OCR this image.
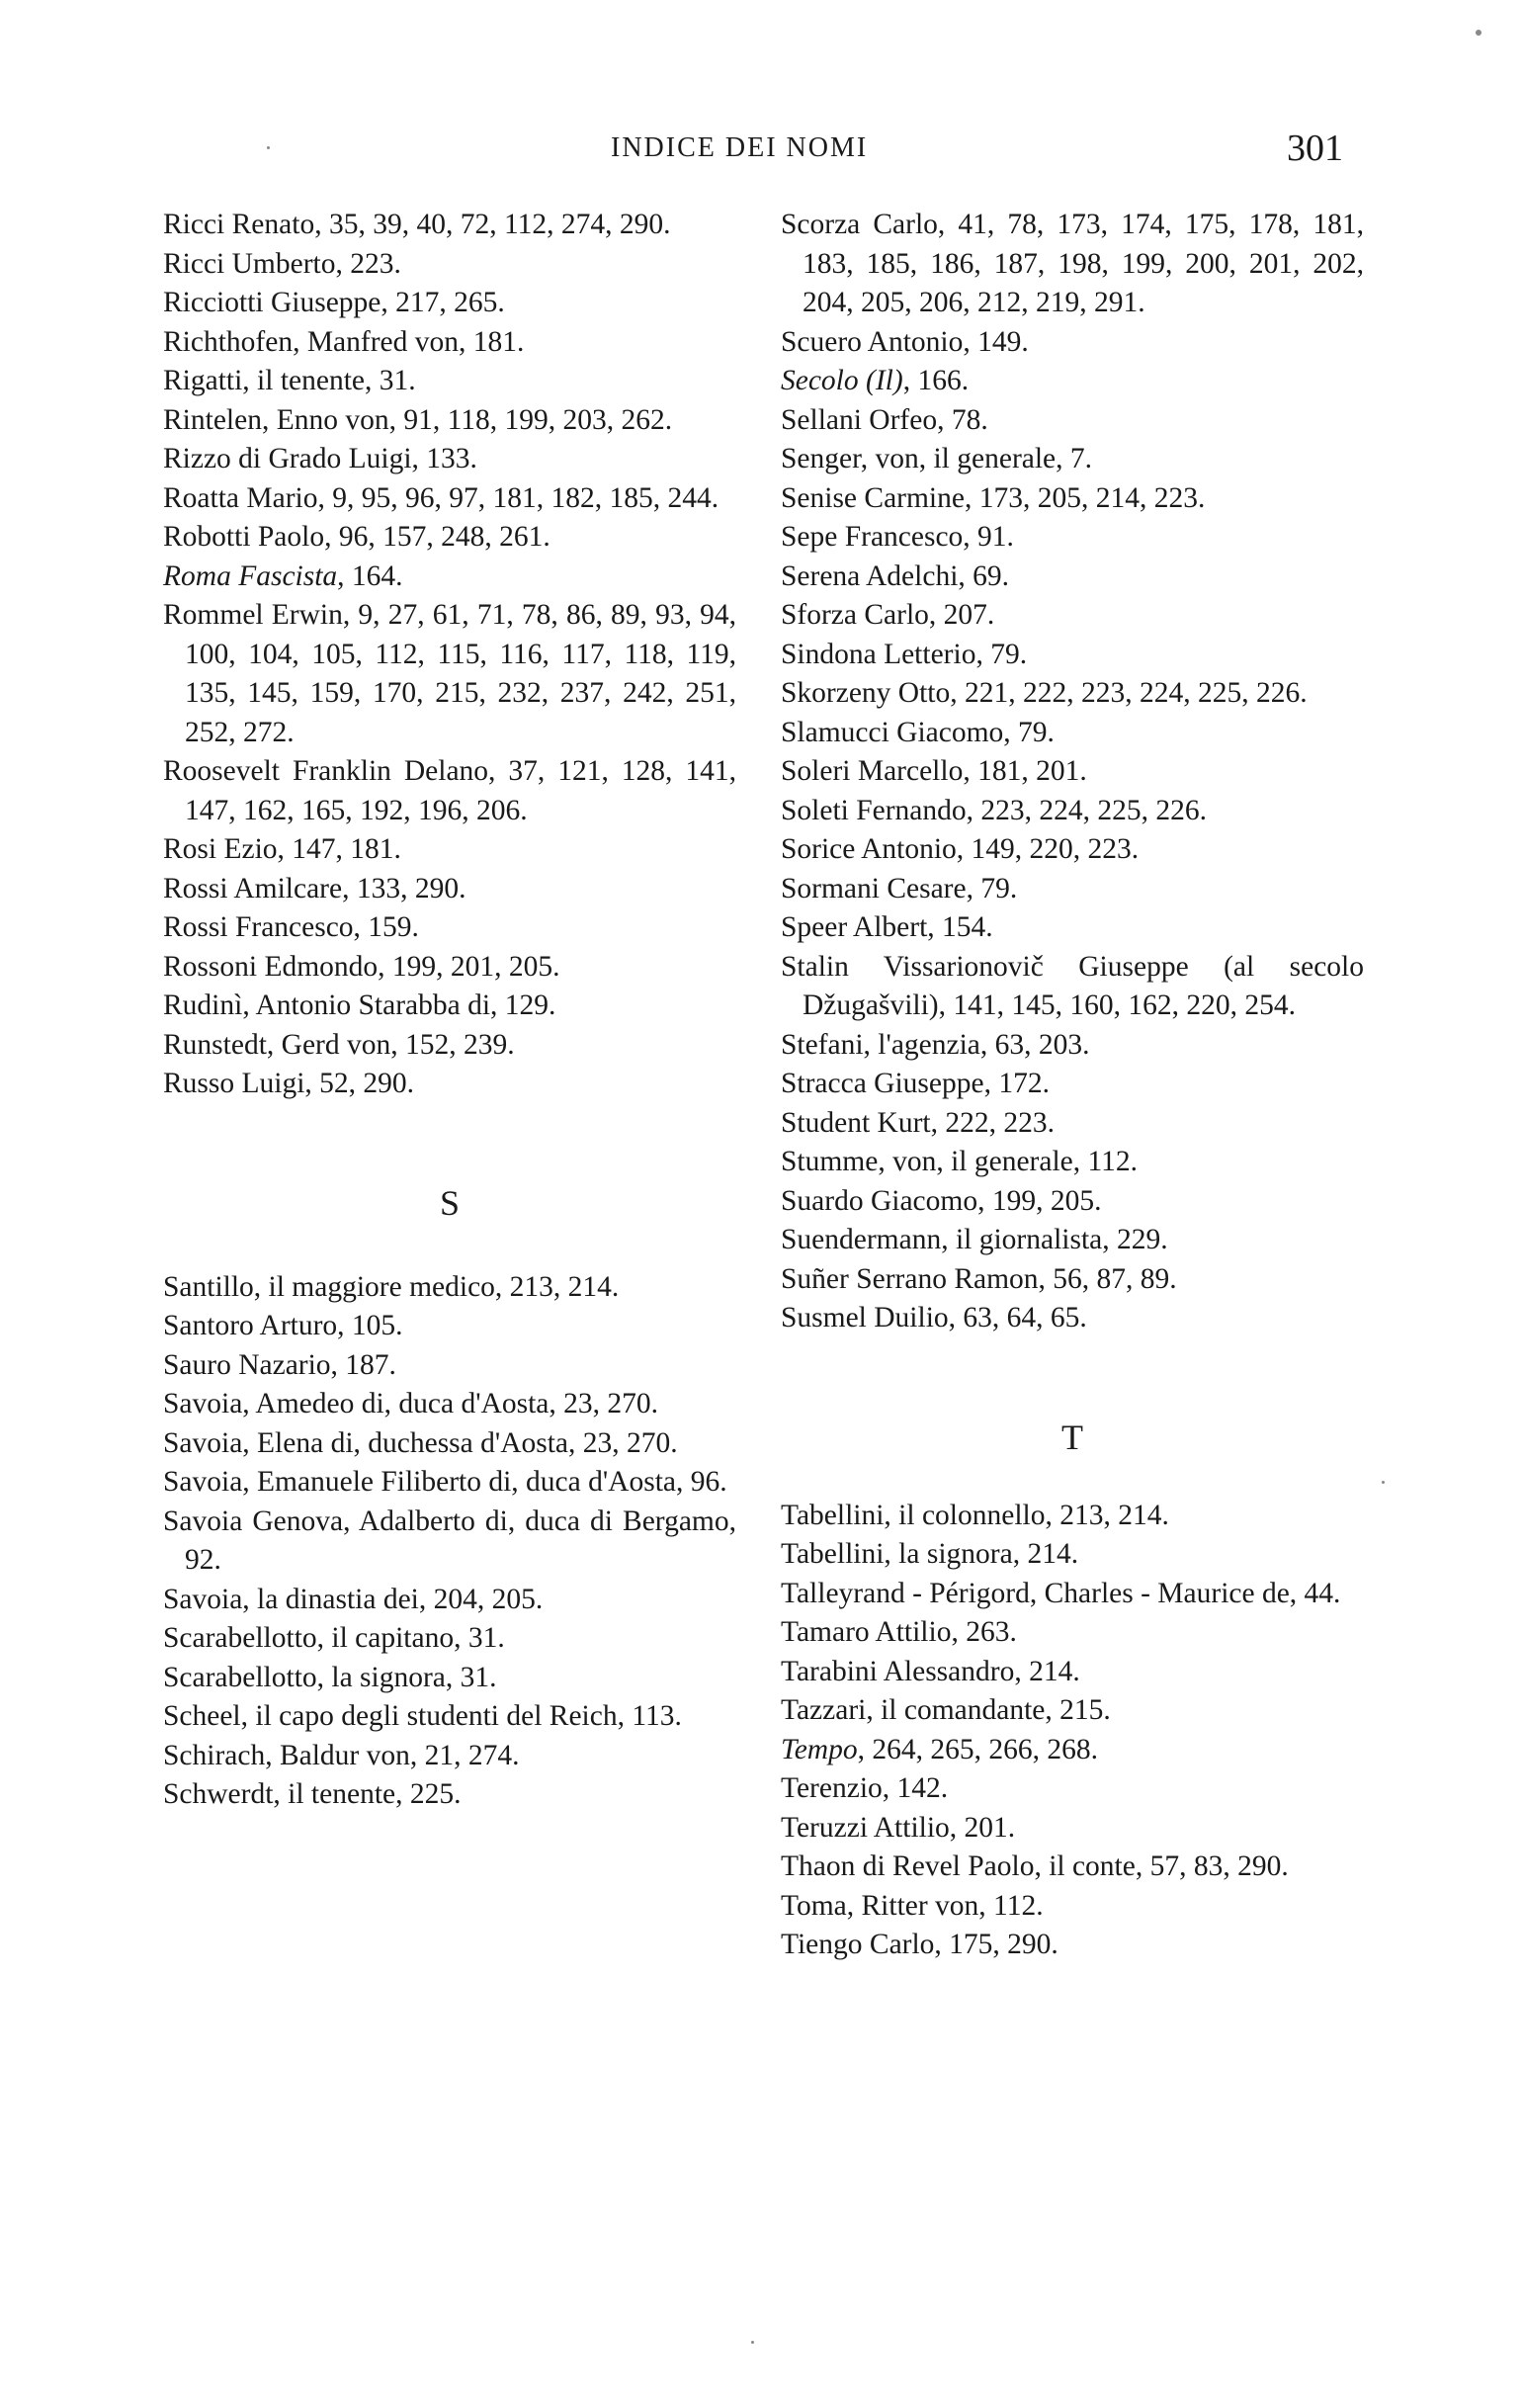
INDICE DEI NOMI	301

Ricci Renato, 35, 39, 40, 72, 112, 274, 290.

Ricci Umberto, 223.

Ricciotti Giuseppe, 217, 265.

Richthofen, Manfred von, 181.

Rigatti, il tenente, 31.

Rintelen, Enno von, 91, 118, 199, 203, 262.

Rizzo di Grado Luigi, 133.

Roatta Mario, 9, 95, 96, 97, 181, 182, 185, 244.

Robotti Paolo, 96, 157, 248, 261.

Roma Fascista, 164.

Rommel Erwin, 9, 27, 61, 71, 78, 86, 89, 93, 94, 100, 104, 105, 112, 115, 116, 117, 118, 119, 135, 145, 159, 170, 215, 232, 237, 242, 251, 252, 272.

Roosevelt Franklin Delano, 37, 121, 128, 141, 147, 162, 165, 192, 196, 206.

Rosi Ezio, 147, 181.

Rossi Amilcare, 133, 290.

Rossi Francesco, 159.

Rossoni Edmondo, 199, 201, 205.

Rudinì, Antonio Starabba di, 129.

Runstedt, Gerd von, 152, 239.

Russo Luigi, 52, 290.

S

Santillo, il maggiore medico, 213, 214.

Santoro Arturo, 105.

Sauro Nazario, 187.

Savoia, Amedeo di, duca d'Aosta, 23, 270.

Savoia, Elena di, duchessa d'Aosta, 23, 270.

Savoia, Emanuele Filiberto di, duca d'Aosta, 96.

Savoia Genova, Adalberto di, duca di Bergamo, 92.

Savoia, la dinastia dei, 204, 205.

Scarabellotto, il capitano, 31.

Scarabellotto, la signora, 31.

Scheel, il capo degli studenti del Reich, 113.

Schirach, Baldur von, 21, 274.

Schwerdt, il tenente, 225.

Scorza Carlo, 41, 78, 173, 174, 175, 178, 181, 183, 185, 186, 187, 198, 199, 200, 201, 202, 204, 205, 206, 212, 219, 291.

Scuero Antonio, 149.

Secolo (Il), 166.

Sellani Orfeo, 78.

Senger, von, il generale, 7.

Senise Carmine, 173, 205, 214, 223.

Sepe Francesco, 91.

Serena Adelchi, 69.

Sforza Carlo, 207.

Sindona Letterio, 79.

Skorzeny Otto, 221, 222, 223, 224, 225, 226.

Slamucci Giacomo, 79.

Soleri Marcello, 181, 201.

Soleti Fernando, 223, 224, 225, 226.

Sorice Antonio, 149, 220, 223.

Sormani Cesare, 79.

Speer Albert, 154.

Stalin Vissarionovič Giuseppe (al secolo Džugašvili), 141, 145, 160, 162, 220, 254.

Stefani, l'agenzia, 63, 203.

Stracca Giuseppe, 172.

Student Kurt, 222, 223.

Stumme, von, il generale, 112.

Suardo Giacomo, 199, 205.

Suendermann, il giornalista, 229.

Suñer Serrano Ramon, 56, 87, 89.

Susmel Duilio, 63, 64, 65.

T

Tabellini, il colonnello, 213, 214.

Tabellini, la signora, 214.

Talleyrand - Périgord, Charles - Maurice de, 44.

Tamaro Attilio, 263.

Tarabini Alessandro, 214.

Tazzari, il comandante, 215.

Tempo, 264, 265, 266, 268.

Terenzio, 142.

Teruzzi Attilio, 201.

Thaon di Revel Paolo, il conte, 57, 83, 290.

Toma, Ritter von, 112.

Tiengo Carlo, 175, 290.
